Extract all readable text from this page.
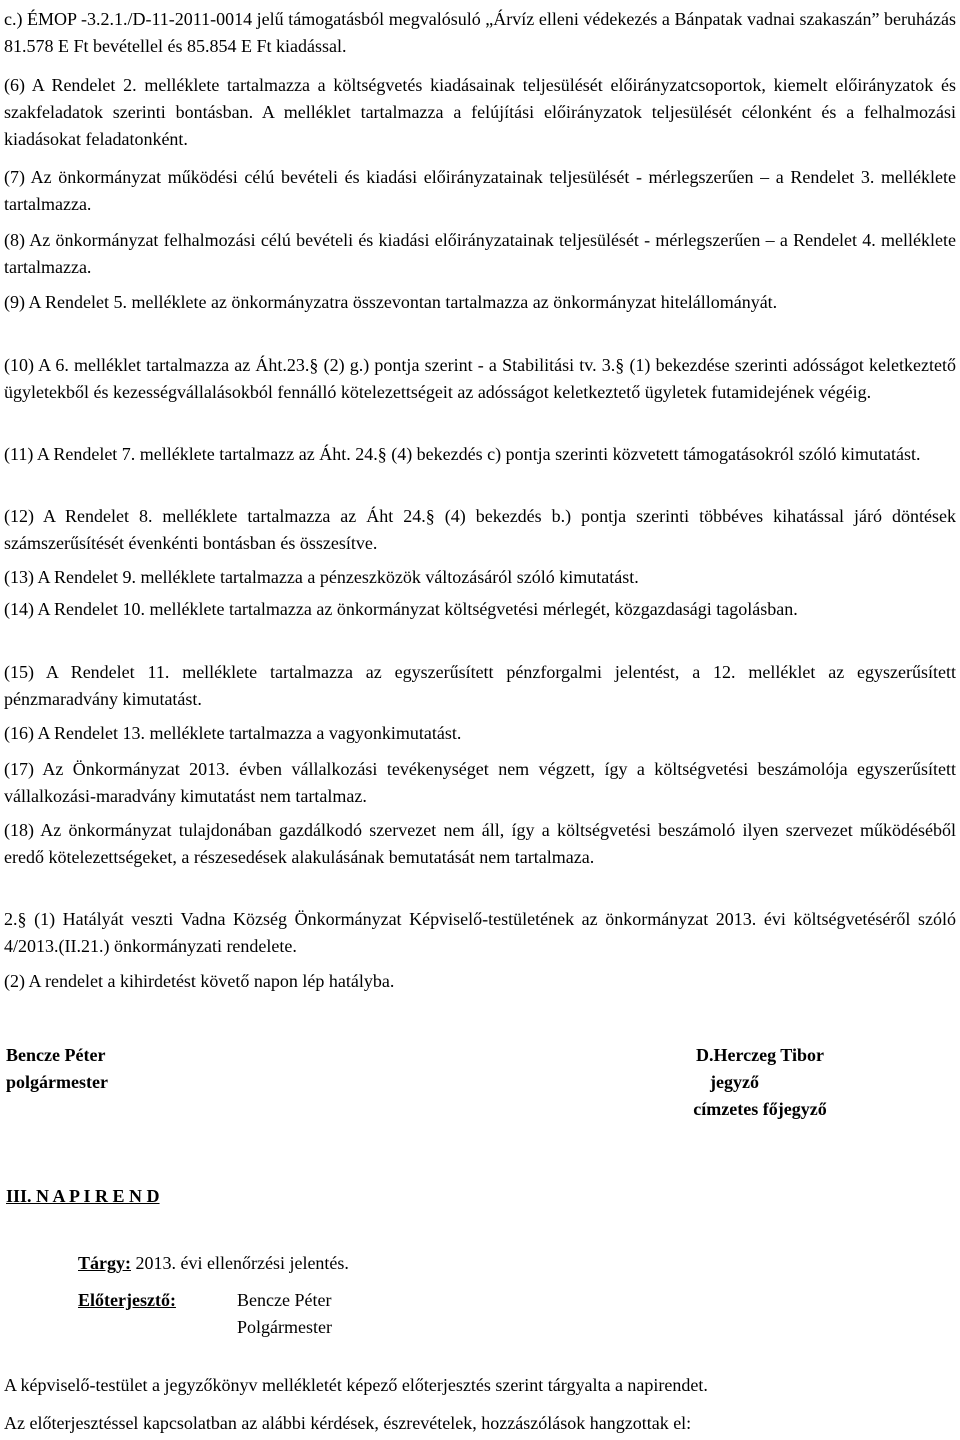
c.) ÉMOP -3.2.1./D-11-2011-0014 jelű támogatásból megvalósuló „Árvíz elleni védekezés a Bánpatak vadnai szakaszán” beruházás 81.578 E Ft bevétellel és 85.854 E Ft kiadással.

(6) A Rendelet 2. melléklete tartalmazza a költségvetés kiadásainak teljesülését előirányzatcsoportok, kiemelt előirányzatok és szakfeladatok szerinti bontásban. A melléklet tartalmazza a felújítási előirányzatok teljesülését célonként és a felhalmozási kiadásokat feladatonként.

(7) Az önkormányzat működési célú bevételi és kiadási előirányzatainak teljesülését - mérlegszerűen – a Rendelet 3. melléklete tartalmazza.

(8) Az önkormányzat felhalmozási célú bevételi és kiadási előirányzatainak teljesülését - mérlegszerűen – a Rendelet 4. melléklete tartalmazza.

(9) A Rendelet 5. melléklete az önkormányzatra összevontan tartalmazza az önkormányzat hitelállományát.

(10) A 6. melléklet tartalmazza az Áht.23.§ (2) g.) pontja szerint - a Stabilitási tv. 3.§ (1) bekezdése szerinti adósságot keletkeztető ügyletekből és kezességvállalásokból fennálló kötelezettségeit az adósságot keletkeztető ügyletek futamidejének végéig.

(11) A Rendelet 7. melléklete tartalmazz az Áht. 24.§ (4) bekezdés c) pontja szerinti közvetett támogatásokról szóló kimutatást.

(12) A Rendelet 8. melléklete tartalmazza az Áht 24.§ (4) bekezdés b.) pontja szerinti többéves kihatással járó döntések számszerűsítését évenkénti bontásban és összesítve.

(13) A Rendelet 9. melléklete tartalmazza a pénzeszközök változásáról szóló kimutatást.

(14) A Rendelet 10. melléklete tartalmazza az önkormányzat költségvetési mérlegét, közgazdasági tagolásban.

(15) A Rendelet 11. melléklete tartalmazza az egyszerűsített pénzforgalmi jelentést, a 12. melléklet az egyszerűsített pénzmaradvány kimutatást.

(16) A Rendelet 13. melléklete tartalmazza a vagyonkimutatást.

(17) Az Önkormányzat 2013. évben vállalkozási tevékenységet nem végzett, így a költségvetési beszámolója egyszerűsített vállalkozási-maradvány kimutatást nem tartalmaz.

(18) Az önkormányzat tulajdonában gazdálkodó szervezet nem áll, így a költségvetési beszámoló ilyen szervezet működéséből eredő kötelezettségeket, a részesedések alakulásának bemutatását nem tartalmaza.

2.§ (1) Hatályát veszti Vadna Község Önkormányzat Képviselő-testületének az önkormányzat 2013. évi költségvetéséről szóló 4/2013.(II.21.) önkormányzati rendelete.

(2) A rendelet a kihirdetést követő napon lép hatályba.

Bencze Péter
polgármester
D.Herczeg Tibor
jegyző
címzetes főjegyző

III. N A P I R E N D

Tárgy: 2013. évi ellenőrzési jelentés.

Előterjesztő:	Bencze Péter

Polgármester

A képviselő-testület a jegyzőkönyv mellékletét képező előterjesztés szerint tárgyalta a napirendet.

Az előterjesztéssel kapcsolatban az alábbi kérdések, észrevételek, hozzászólások hangzottak el:
